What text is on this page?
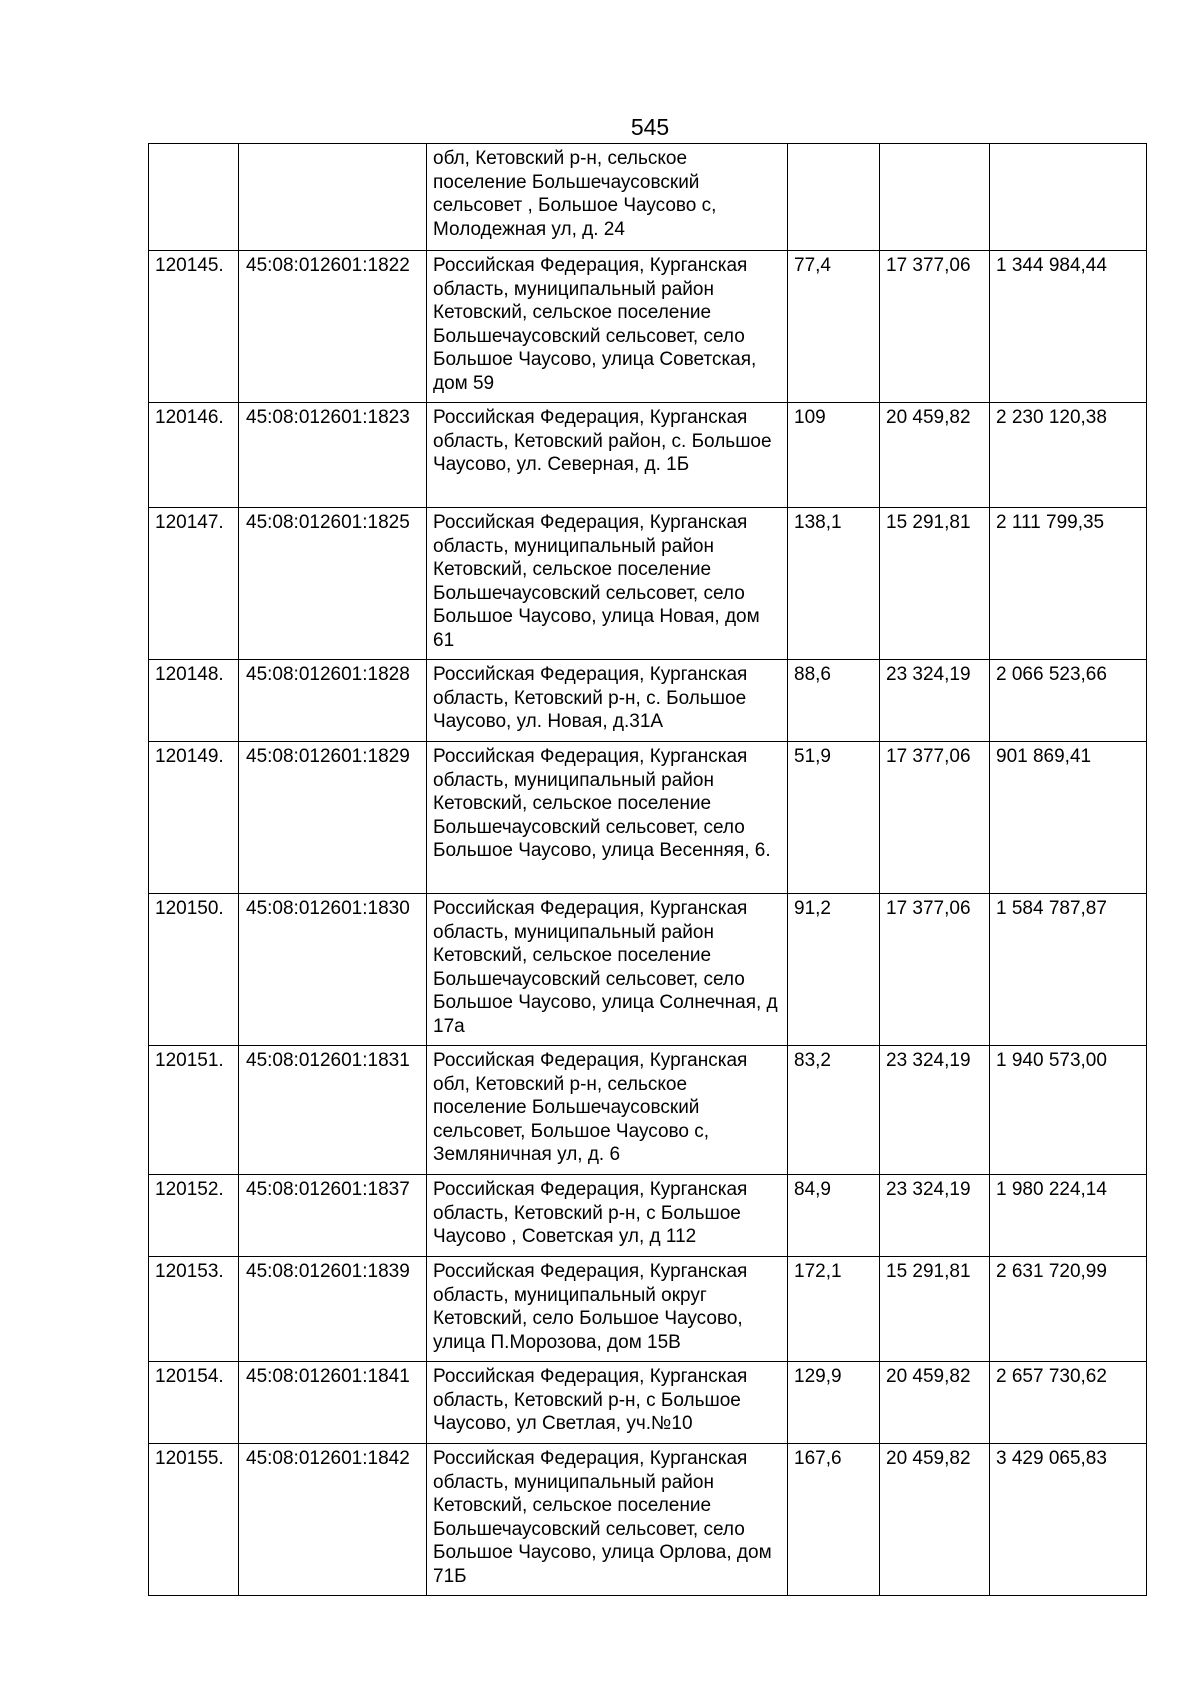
545
		обл, Кетовский р-н, сельское поселение Большечаусовский сельсовет , Большое Чаусово с, Молодежная ул, д. 24			
120145.	45:08:012601:1822	Российская Федерация, Курганская область, муниципальный район Кетовский, сельское поселение Большечаусовский сельсовет, село Большое Чаусово, улица Советская, дом 59	77,4	17 377,06	1 344 984,44
120146.	45:08:012601:1823	Российская Федерация, Курганская область, Кетовский район, с. Большое Чаусово, ул. Северная, д. 1Б	109	20 459,82	2 230 120,38
120147.	45:08:012601:1825	Российская Федерация, Курганская область, муниципальный район Кетовский, сельское поселение Большечаусовский сельсовет, село Большое Чаусово, улица Новая, дом 61	138,1	15 291,81	2 111 799,35
120148.	45:08:012601:1828	Российская Федерация, Курганская область, Кетовский р-н, с. Большое Чаусово, ул. Новая, д.31А	88,6	23 324,19	2 066 523,66
120149.	45:08:012601:1829	Российская Федерация, Курганская область, муниципальный район Кетовский, сельское поселение Большечаусовский сельсовет, село Большое Чаусово, улица Весенняя, 6.	51,9	17 377,06	901 869,41
120150.	45:08:012601:1830	Российская Федерация, Курганская область, муниципальный район Кетовский, сельское поселение Большечаусовский сельсовет, село Большое Чаусово, улица Солнечная, д 17а	91,2	17 377,06	1 584 787,87
120151.	45:08:012601:1831	Российская Федерация, Курганская обл, Кетовский р-н, сельское поселение Большечаусовский сельсовет, Большое Чаусово с, Земляничная ул, д. 6	83,2	23 324,19	1 940 573,00
120152.	45:08:012601:1837	Российская Федерация, Курганская область, Кетовский р-н, с Большое Чаусово , Советская ул, д 112	84,9	23 324,19	1 980 224,14
120153.	45:08:012601:1839	Российская Федерация, Курганская область, муниципальный округ Кетовский, село Большое Чаусово, улица П.Морозова, дом 15В	172,1	15 291,81	2 631 720,99
120154.	45:08:012601:1841	Российская Федерация, Курганская область, Кетовский р-н, с Большое Чаусово, ул Светлая, уч.№10	129,9	20 459,82	2 657 730,62
120155.	45:08:012601:1842	Российская Федерация, Курганская область, муниципальный район Кетовский, сельское поселение Большечаусовский сельсовет, село Большое Чаусово, улица Орлова, дом 71Б	167,6	20 459,82	3 429 065,83
